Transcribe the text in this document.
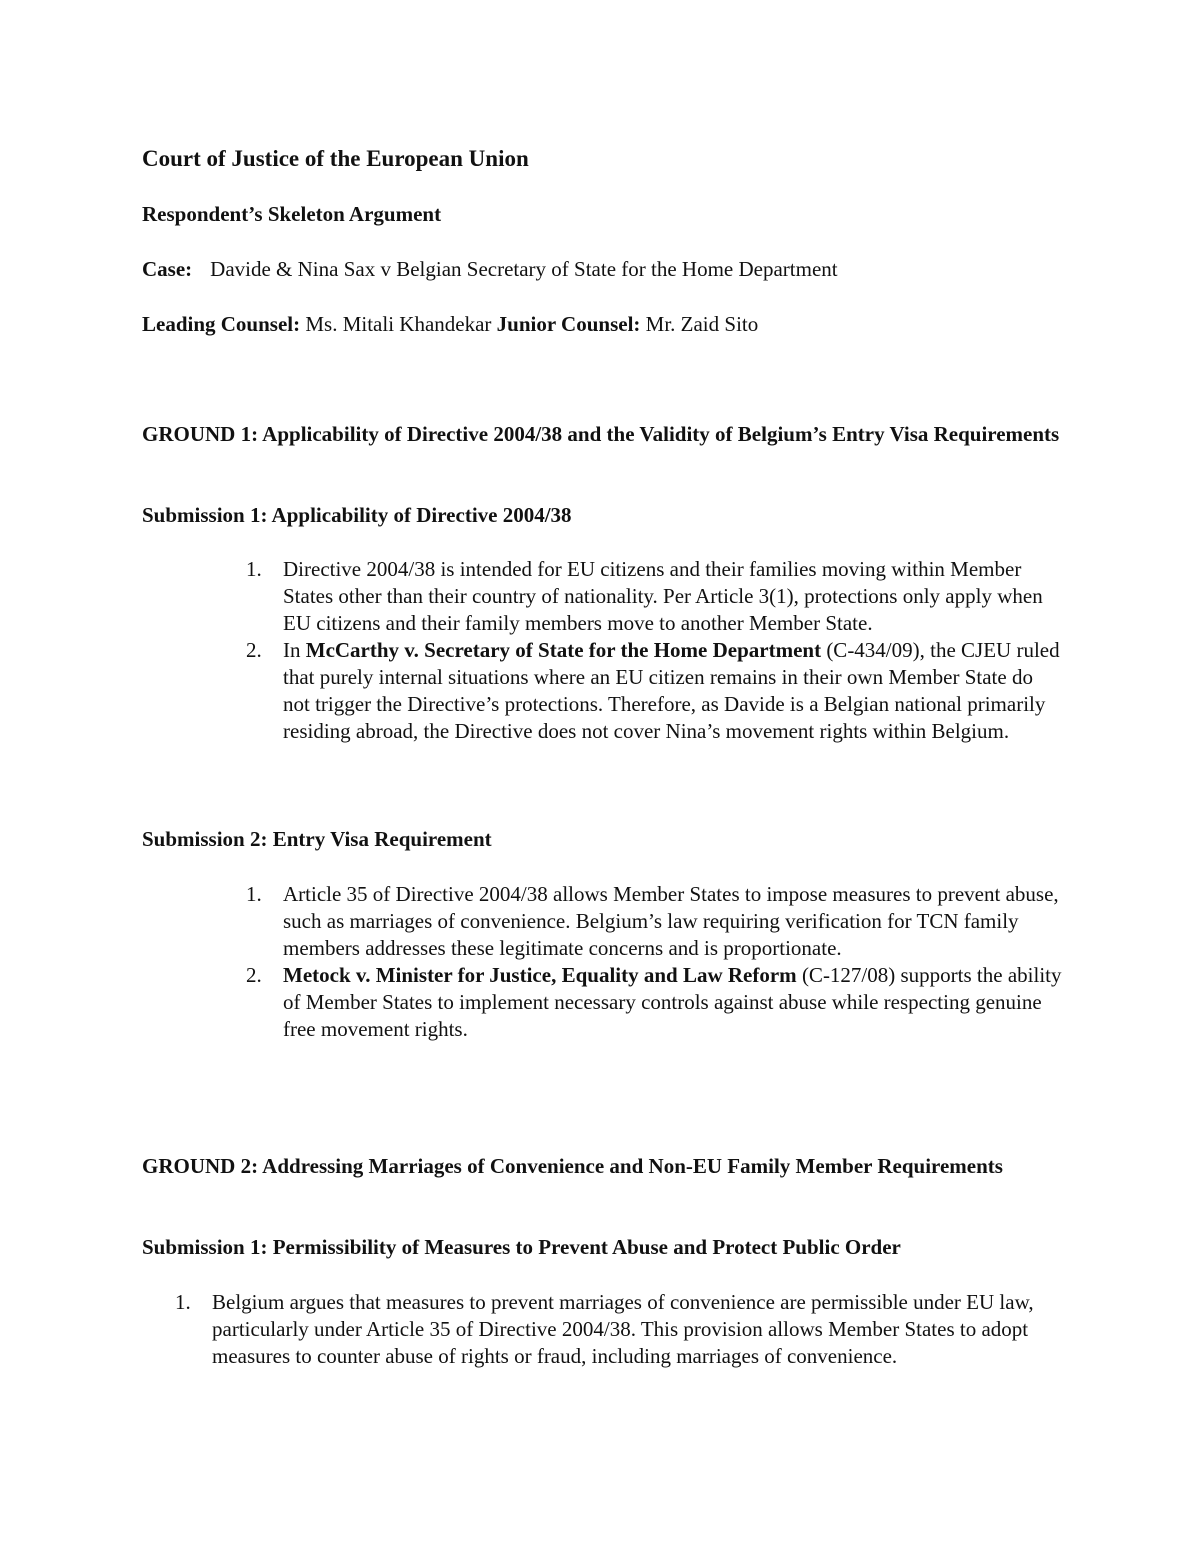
Court of Justice of the European Union

Respondent’s Skeleton Argument

Case: Davide & Nina Sax v Belgian Secretary of State for the Home Department

Leading Counsel: Ms. Mitali Khandekar Junior Counsel: Mr. Zaid Sito

GROUND 1: Applicability of Directive 2004/38 and the Validity of Belgium’s Entry Visa Requirements

Submission 1: Applicability of Directive 2004/38

1. Directive 2004/38 is intended for EU citizens and their families moving within Member States other than their country of nationality. Per Article 3(1), protections only apply when EU citizens and their family members move to another Member State.
2. In McCarthy v. Secretary of State for the Home Department (C-434/09), the CJEU ruled that purely internal situations where an EU citizen remains in their own Member State do not trigger the Directive’s protections. Therefore, as Davide is a Belgian national primarily residing abroad, the Directive does not cover Nina’s movement rights within Belgium.

Submission 2: Entry Visa Requirement

1. Article 35 of Directive 2004/38 allows Member States to impose measures to prevent abuse, such as marriages of convenience. Belgium’s law requiring verification for TCN family members addresses these legitimate concerns and is proportionate.
2. Metock v. Minister for Justice, Equality and Law Reform (C-127/08) supports the ability of Member States to implement necessary controls against abuse while respecting genuine free movement rights.

GROUND 2: Addressing Marriages of Convenience and Non-EU Family Member Requirements

Submission 1: Permissibility of Measures to Prevent Abuse and Protect Public Order

1. Belgium argues that measures to prevent marriages of convenience are permissible under EU law, particularly under Article 35 of Directive 2004/38. This provision allows Member States to adopt measures to counter abuse of rights or fraud, including marriages of convenience.
